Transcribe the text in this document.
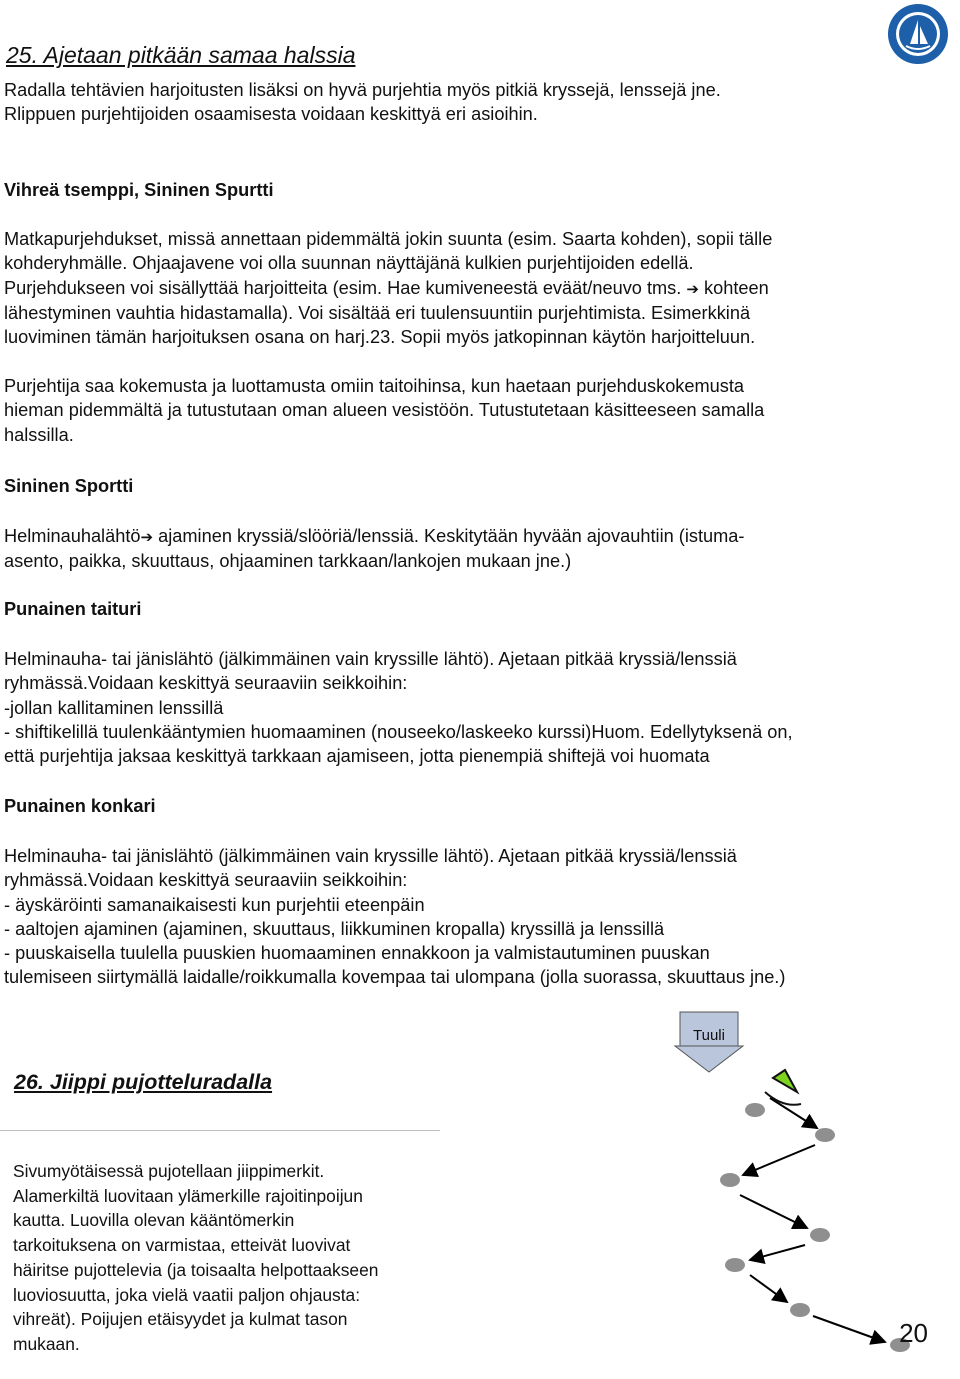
25. Ajetaan pitkään samaa halssia

Radalla tehtävien harjoitusten lisäksi on hyvä purjehtia myös pitkiä kryssejä, lenssejä jne.

Rlippuen purjehtijoiden osaamisesta voidaan keskittyä eri asioihin.

Vihreä tsemppi, Sininen Spurtti

Matkapurjehdukset, missä annettaan pidemmältä jokin suunta (esim. Saarta kohden), sopii tälle

kohderyhmälle. Ohjaajavene voi olla suunnan näyttäjänä kulkien purjehtijoiden edellä.

Purjehdukseen voi sisällyttää harjoitteita (esim. Hae kumiveneestä eväät/neuvo tms. ➔ kohteen

lähestyminen vauhtia hidastamalla). Voi sisältää eri tuulensuuntiin purjehtimista. Esimerkkinä

luoviminen tämän harjoituksen osana on harj.23. Sopii myös jatkopinnan käytön harjoitteluun.

Purjehtija saa kokemusta ja luottamusta omiin taitoihinsa, kun haetaan purjehduskokemusta

hieman pidemmältä ja tutustutaan oman alueen vesistöön. Tutustutetaan käsitteeseen samalla

halssilla.

Sininen Sportti

Helminauhalähtö➔ ajaminen kryssiä/slööriä/lenssiä. Keskitytään hyvään ajovauhtiin (istuma-

asento, paikka, skuuttaus, ohjaaminen tarkkaan/lankojen mukaan jne.)

Punainen taituri

Helminauha- tai jänislähtö (jälkimmäinen vain kryssille lähtö). Ajetaan pitkää kryssiä/lenssiä

ryhmässä.Voidaan keskittyä seuraaviin seikkoihin:

-jollan kallitaminen lenssillä

- shiftikelillä tuulenkääntymien huomaaminen (nouseeko/laskeeko kurssi)Huom. Edellytyksenä on,

että purjehtija jaksaa keskittyä tarkkaan ajamiseen, jotta pienempiä shiftejä voi huomata

Punainen konkari

Helminauha- tai jänislähtö (jälkimmäinen vain kryssille lähtö). Ajetaan pitkää kryssiä/lenssiä

ryhmässä.Voidaan keskittyä seuraaviin seikkoihin:

- äyskäröinti samanaikaisesti kun purjehtii eteenpäin

- aaltojen ajaminen (ajaminen, skuuttaus, liikkuminen kropalla) kryssillä ja lenssillä

- puuskaisella tuulella puuskien huomaaminen ennakkoon ja valmistautuminen puuskan

tulemiseen siirtymällä laidalle/roikkumalla kovempaa tai ulompana (jolla suorassa, skuuttaus jne.)

26. Jiippi pujotteluradalla

Sivumyötäisessä pujotellaan jiippimerkit.

Alamerkiltä luovitaan ylämerkille rajoitinpoijun

kautta. Luovilla olevan kääntömerkin

tarkoituksena on varmistaa, etteivät luovivat

häiritse pujottelevia (ja toisaalta helpottaakseen

luoviosuutta, joka vielä vaatii paljon ohjausta:

vihreät). Poijujen etäisyydet ja kulmat tason

mukaan.

Tuuli
20
